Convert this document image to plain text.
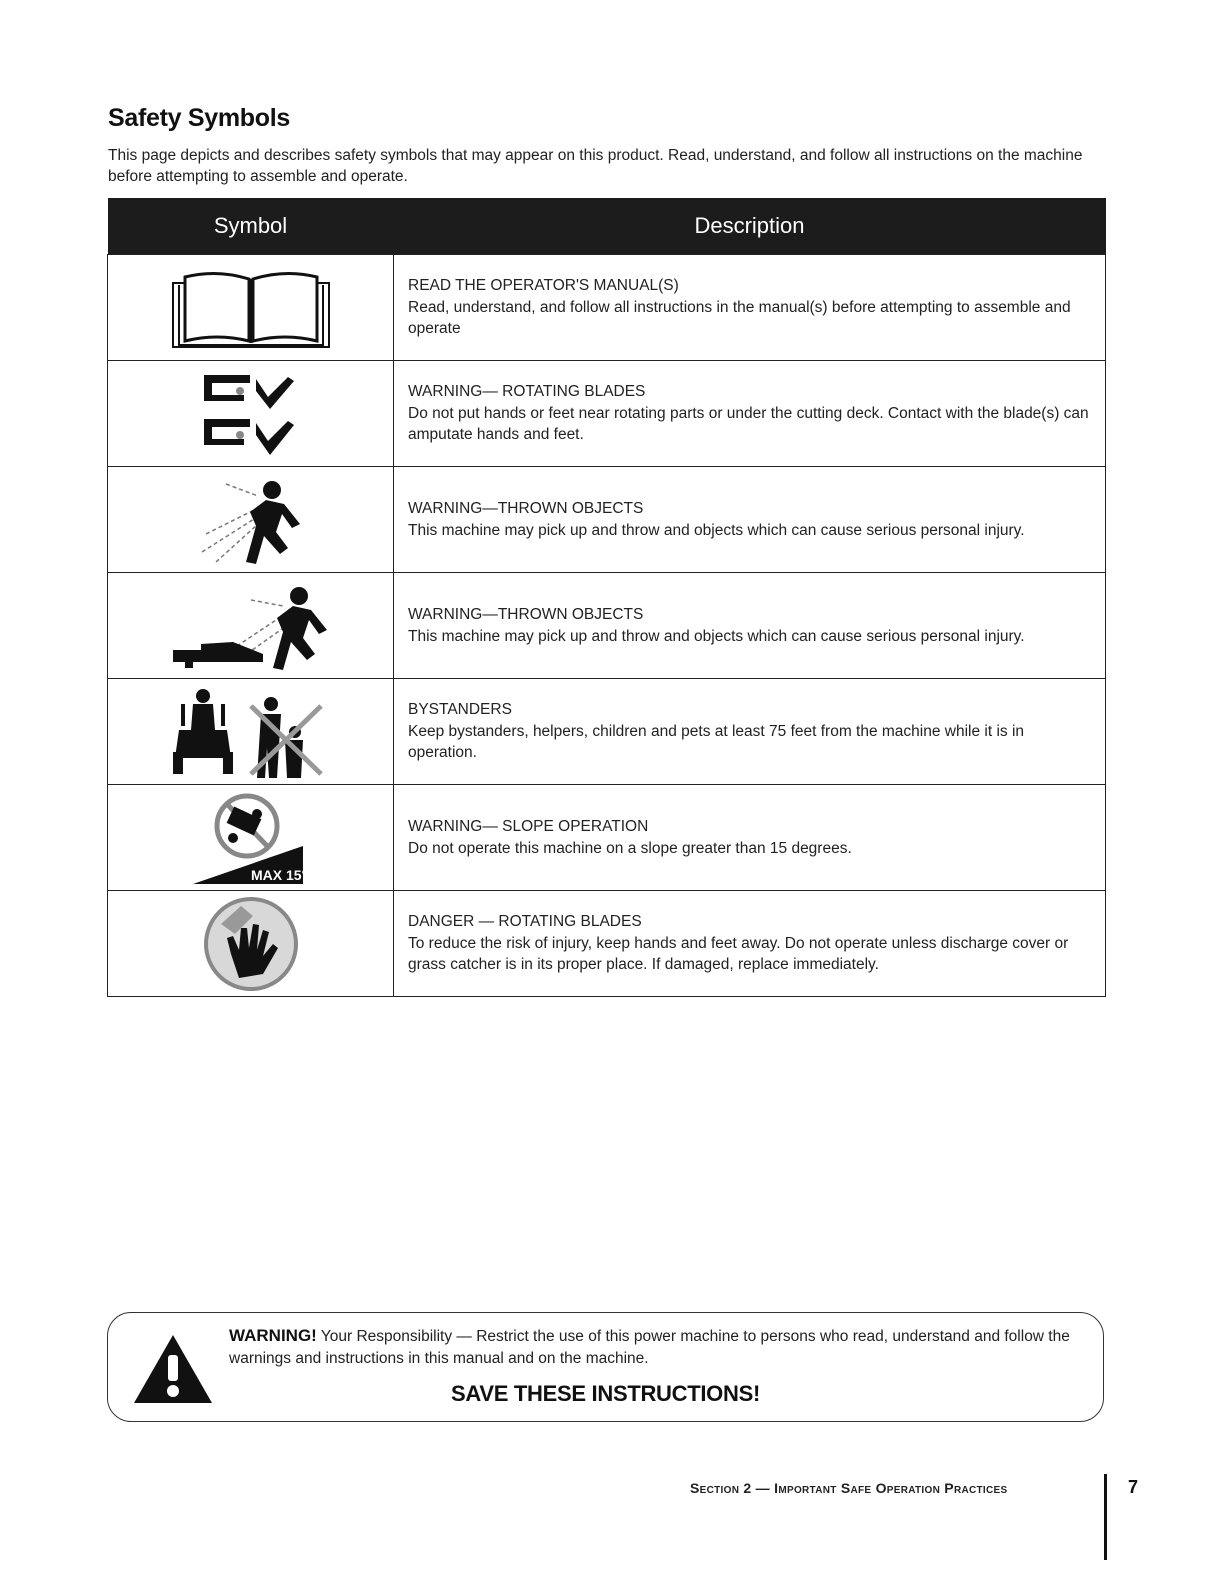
Safety Symbols
This page depicts and describes safety symbols that may appear on this product. Read, understand, and follow all instructions on the machine before attempting to assemble and operate.
Symbol	Description

READ THE OPERATOR'S MANUAL(S)
Read, understand, and follow all instructions in the manual(s) before attempting to assemble and operate

WARNING— ROTATING BLADES
Do not put hands or feet near rotating parts or under the cutting deck. Contact with the blade(s) can amputate hands and feet.

WARNING—THROWN OBJECTS
This machine may pick up and throw and objects which can cause serious personal injury.

WARNING—THROWN OBJECTS
This machine may pick up and throw and objects which can cause serious personal injury.

BYSTANDERS
Keep bystanders, helpers, children and pets at least 75 feet from the machine while it is in operation.

MAX 15°	WARNING— SLOPE OPERATION
Do not operate this machine on a slope greater than 15 degrees.

DANGER — ROTATING BLADES
To reduce the risk of injury, keep hands and feet away. Do not operate unless discharge cover or grass catcher is in its proper place. If damaged, replace immediately.
WARNING! Your Responsibility — Restrict the use of this power machine to persons who read, understand and follow the warnings and instructions in this manual and on the machine.
SAVE THESE INSTRUCTIONS!
Section 2 — Important Safe Operation Practices	7
